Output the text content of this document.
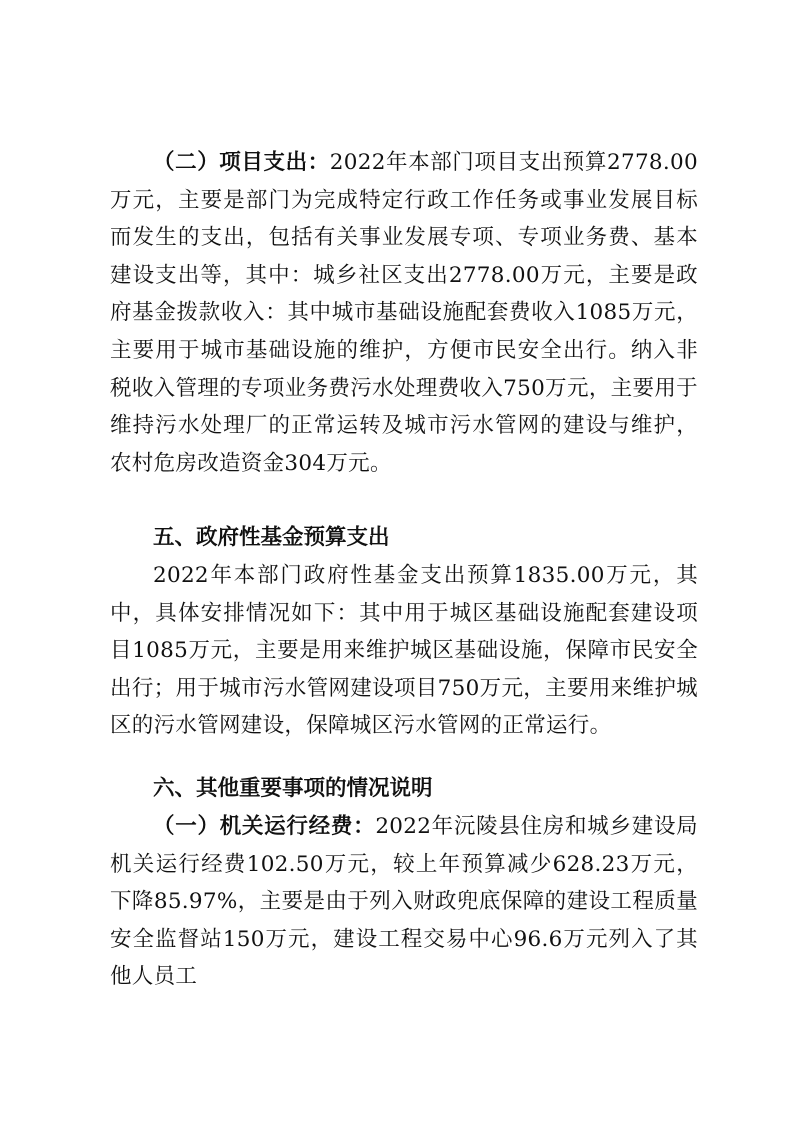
（二）项目支出：2022年本部门项目支出预算2778.00万元，主要是部门为完成特定行政工作任务或事业发展目标而发生的支出，包括有关事业发展专项、专项业务费、基本建设支出等，其中：城乡社区支出2778.00万元，主要是政府基金拨款收入：其中城市基础设施配套费收入1085万元，主要用于城市基础设施的维护，方便市民安全出行。纳入非税收入管理的专项业务费污水处理费收入750万元，主要用于维持污水处理厂的正常运转及城市污水管网的建设与维护，农村危房改造资金304万元。

五、政府性基金预算支出

2022年本部门政府性基金支出预算1835.00万元，其中，具体安排情况如下：其中用于城区基础设施配套建设项目1085万元，主要是用来维护城区基础设施，保障市民安全出行；用于城市污水管网建设项目750万元，主要用来维护城区的污水管网建设，保障城区污水管网的正常运行。

六、其他重要事项的情况说明

（一）机关运行经费：2022年沅陵县住房和城乡建设局机关运行经费102.50万元，较上年预算减少628.23万元，下降85.97%，主要是由于列入财政兜底保障的建设工程质量安全监督站150万元，建设工程交易中心96.6万元列入了其他人员工
